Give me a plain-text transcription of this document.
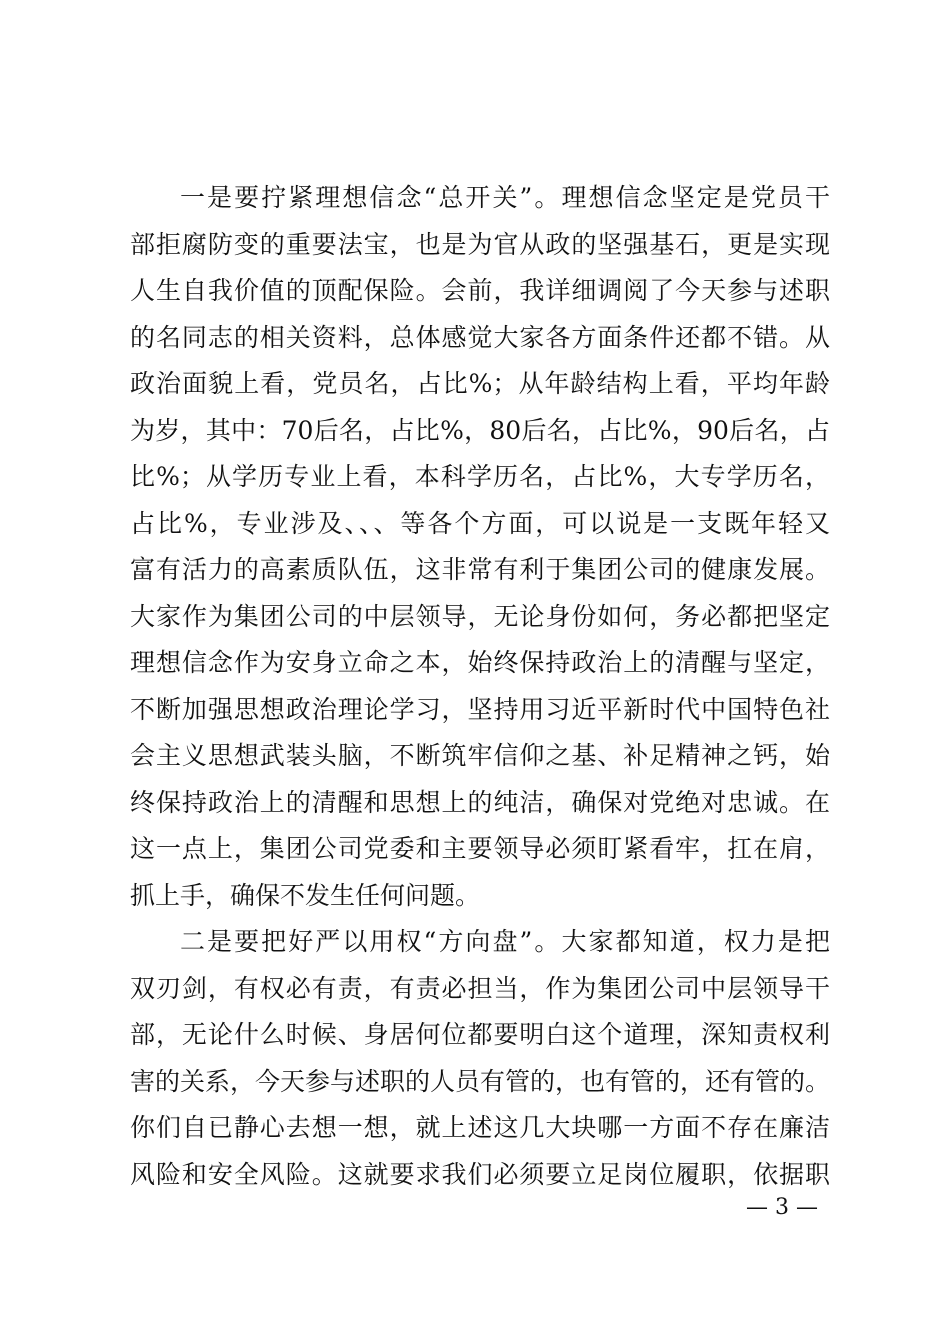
一是要拧紧理想信念“总开关”。理想信念坚定是党员干
部拒腐防变的重要法宝，也是为官从政的坚强基石，更是实现
人生自我价值的顶配保险。会前，我详细调阅了今天参与述职
的名同志的相关资料，总体感觉大家各方面条件还都不错。从
政治面貌上看，党员名，占比%；从年龄结构上看，平均年龄
为岁，其中：70后名，占比%，80后名，占比%，90后名，占
比%；从学历专业上看，本科学历名，占比%，大专学历名，
占比%，专业涉及、、、等各个方面，可以说是一支既年轻又
富有活力的高素质队伍，这非常有利于集团公司的健康发展。
大家作为集团公司的中层领导，无论身份如何，务必都把坚定
理想信念作为安身立命之本，始终保持政治上的清醒与坚定，
不断加强思想政治理论学习，坚持用习近平新时代中国特色社
会主义思想武装头脑，不断筑牢信仰之基、补足精神之钙，始
终保持政治上的清醒和思想上的纯洁，确保对党绝对忠诚。在
这一点上，集团公司党委和主要领导必须盯紧看牢，扛在肩，
抓上手，确保不发生任何问题。
二是要把好严以用权“方向盘”。大家都知道，权力是把
双刃剑，有权必有责，有责必担当，作为集团公司中层领导干
部，无论什么时候、身居何位都要明白这个道理，深知责权利
害的关系，今天参与述职的人员有管的，也有管的，还有管的。
你们自已静心去想一想，就上述这几大块哪一方面不存在廉洁
风险和安全风险。这就要求我们必须要立足岗位履职，依据职
— 3 —
